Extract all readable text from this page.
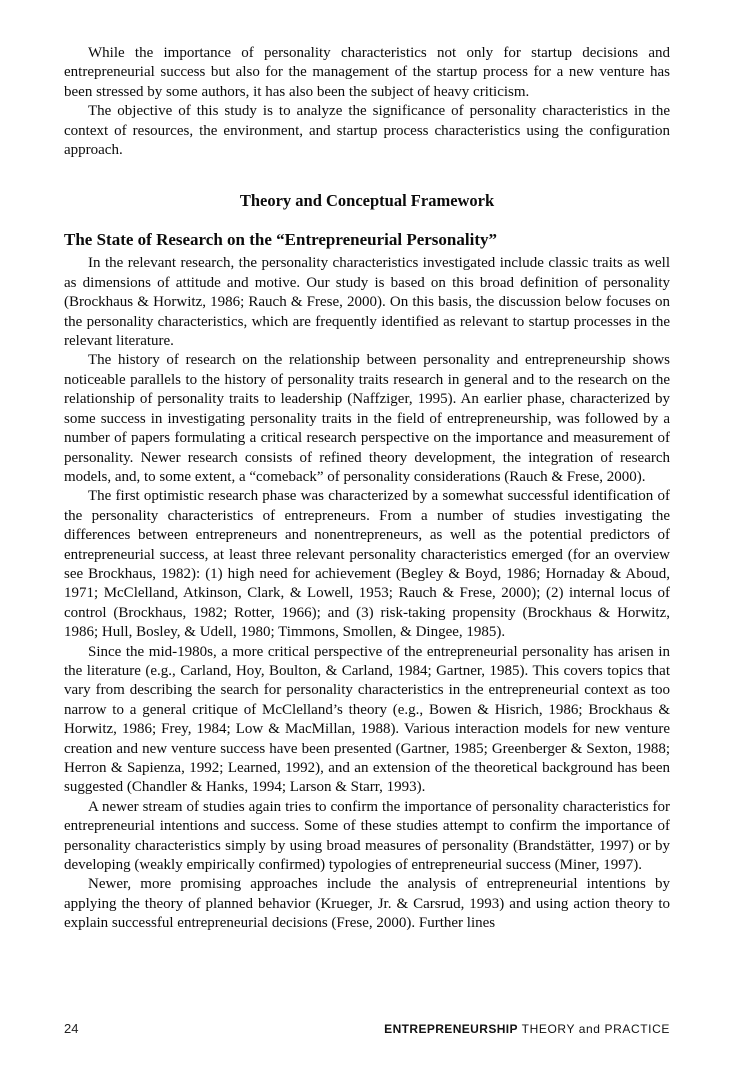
While the importance of personality characteristics not only for startup decisions and entrepreneurial success but also for the management of the startup process for a new venture has been stressed by some authors, it has also been the subject of heavy criticism.

The objective of this study is to analyze the significance of personality characteristics in the context of resources, the environment, and startup process characteristics using the configuration approach.

Theory and Conceptual Framework
The State of Research on the “Entrepreneurial Personality”

In the relevant research, the personality characteristics investigated include classic traits as well as dimensions of attitude and motive. Our study is based on this broad definition of personality (Brockhaus & Horwitz, 1986; Rauch & Frese, 2000). On this basis, the discussion below focuses on the personality characteristics, which are frequently identified as relevant to startup processes in the relevant literature.

The history of research on the relationship between personality and entrepreneurship shows noticeable parallels to the history of personality traits research in general and to the research on the relationship of personality traits to leadership (Naffziger, 1995). An earlier phase, characterized by some success in investigating personality traits in the field of entrepreneurship, was followed by a number of papers formulating a critical research perspective on the importance and measurement of personality. Newer research consists of refined theory development, the integration of research models, and, to some extent, a “comeback” of personality considerations (Rauch & Frese, 2000).

The first optimistic research phase was characterized by a somewhat successful identification of the personality characteristics of entrepreneurs. From a number of studies investigating the differences between entrepreneurs and nonentrepreneurs, as well as the potential predictors of entrepreneurial success, at least three relevant personality characteristics emerged (for an overview see Brockhaus, 1982): (1) high need for achievement (Begley & Boyd, 1986; Hornaday & Aboud, 1971; McClelland, Atkinson, Clark, & Lowell, 1953; Rauch & Frese, 2000); (2) internal locus of control (Brockhaus, 1982; Rotter, 1966); and (3) risk-taking propensity (Brockhaus & Horwitz, 1986; Hull, Bosley, & Udell, 1980; Timmons, Smollen, & Dingee, 1985).

Since the mid-1980s, a more critical perspective of the entrepreneurial personality has arisen in the literature (e.g., Carland, Hoy, Boulton, & Carland, 1984; Gartner, 1985). This covers topics that vary from describing the search for personality characteristics in the entrepreneurial context as too narrow to a general critique of McClelland’s theory (e.g., Bowen & Hisrich, 1986; Brockhaus & Horwitz, 1986; Frey, 1984; Low & MacMillan, 1988). Various interaction models for new venture creation and new venture success have been presented (Gartner, 1985; Greenberger & Sexton, 1988; Herron & Sapienza, 1992; Learned, 1992), and an extension of the theoretical background has been suggested (Chandler & Hanks, 1994; Larson & Starr, 1993).

A newer stream of studies again tries to confirm the importance of personality characteristics for entrepreneurial intentions and success. Some of these studies attempt to confirm the importance of personality characteristics simply by using broad measures of personality (Brandstätter, 1997) or by developing (weakly empirically confirmed) typologies of entrepreneurial success (Miner, 1997).

Newer, more promising approaches include the analysis of entrepreneurial intentions by applying the theory of planned behavior (Krueger, Jr. & Carsrud, 1993) and using action theory to explain successful entrepreneurial decisions (Frese, 2000). Further lines

24	ENTREPRENEURSHIP THEORY and PRACTICE
